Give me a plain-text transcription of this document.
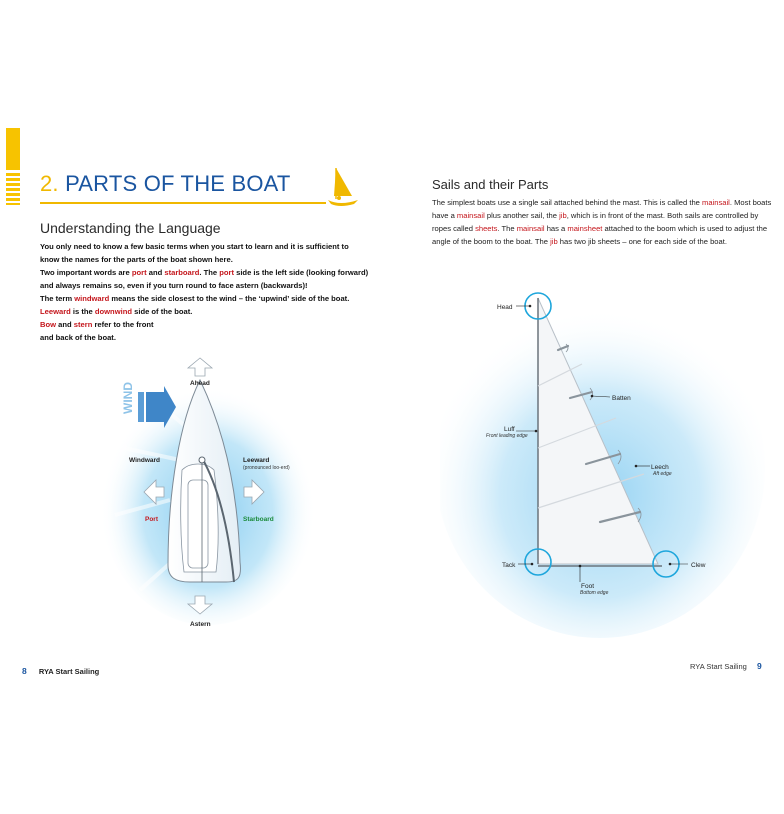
2. PARTS OF THE BOAT
Understanding the Language

You only need to know a few basic terms when you start to learn and it is sufficient to know the names for the parts of the boat shown here.

Two important words are port and starboard. The port side is the left side (looking forward) and always remains so, even if you turn round to face astern (backwards)!

The term windward means the side closest to the wind – the ‘upwind’ side of the boat.

Leeward is the downwind side of the boat.

Bow and stern refer to the front
and back of the boat.

WIND	Ahead
Astern
Windward	Leeward
(pronounced loo-erd)
Port	Starboard
8 RYA Start Sailing
Sails and their Parts
The simplest boats use a single sail attached behind the mast. This is called the mainsail. Most boats have a mainsail plus another sail, the jib, which is in front of the mast. Both sails are controlled by ropes called sheets. The mainsail has a mainsheet attached to the boom which is used to adjust the angle of the boom to the boat. The jib has two jib sheets – one for each side of the boat.
Head
Batten
Luff
Front leading edge
Leech
Aft edge
Tack	Clew
Foot
Bottom edge
RYA Start Sailing 9
